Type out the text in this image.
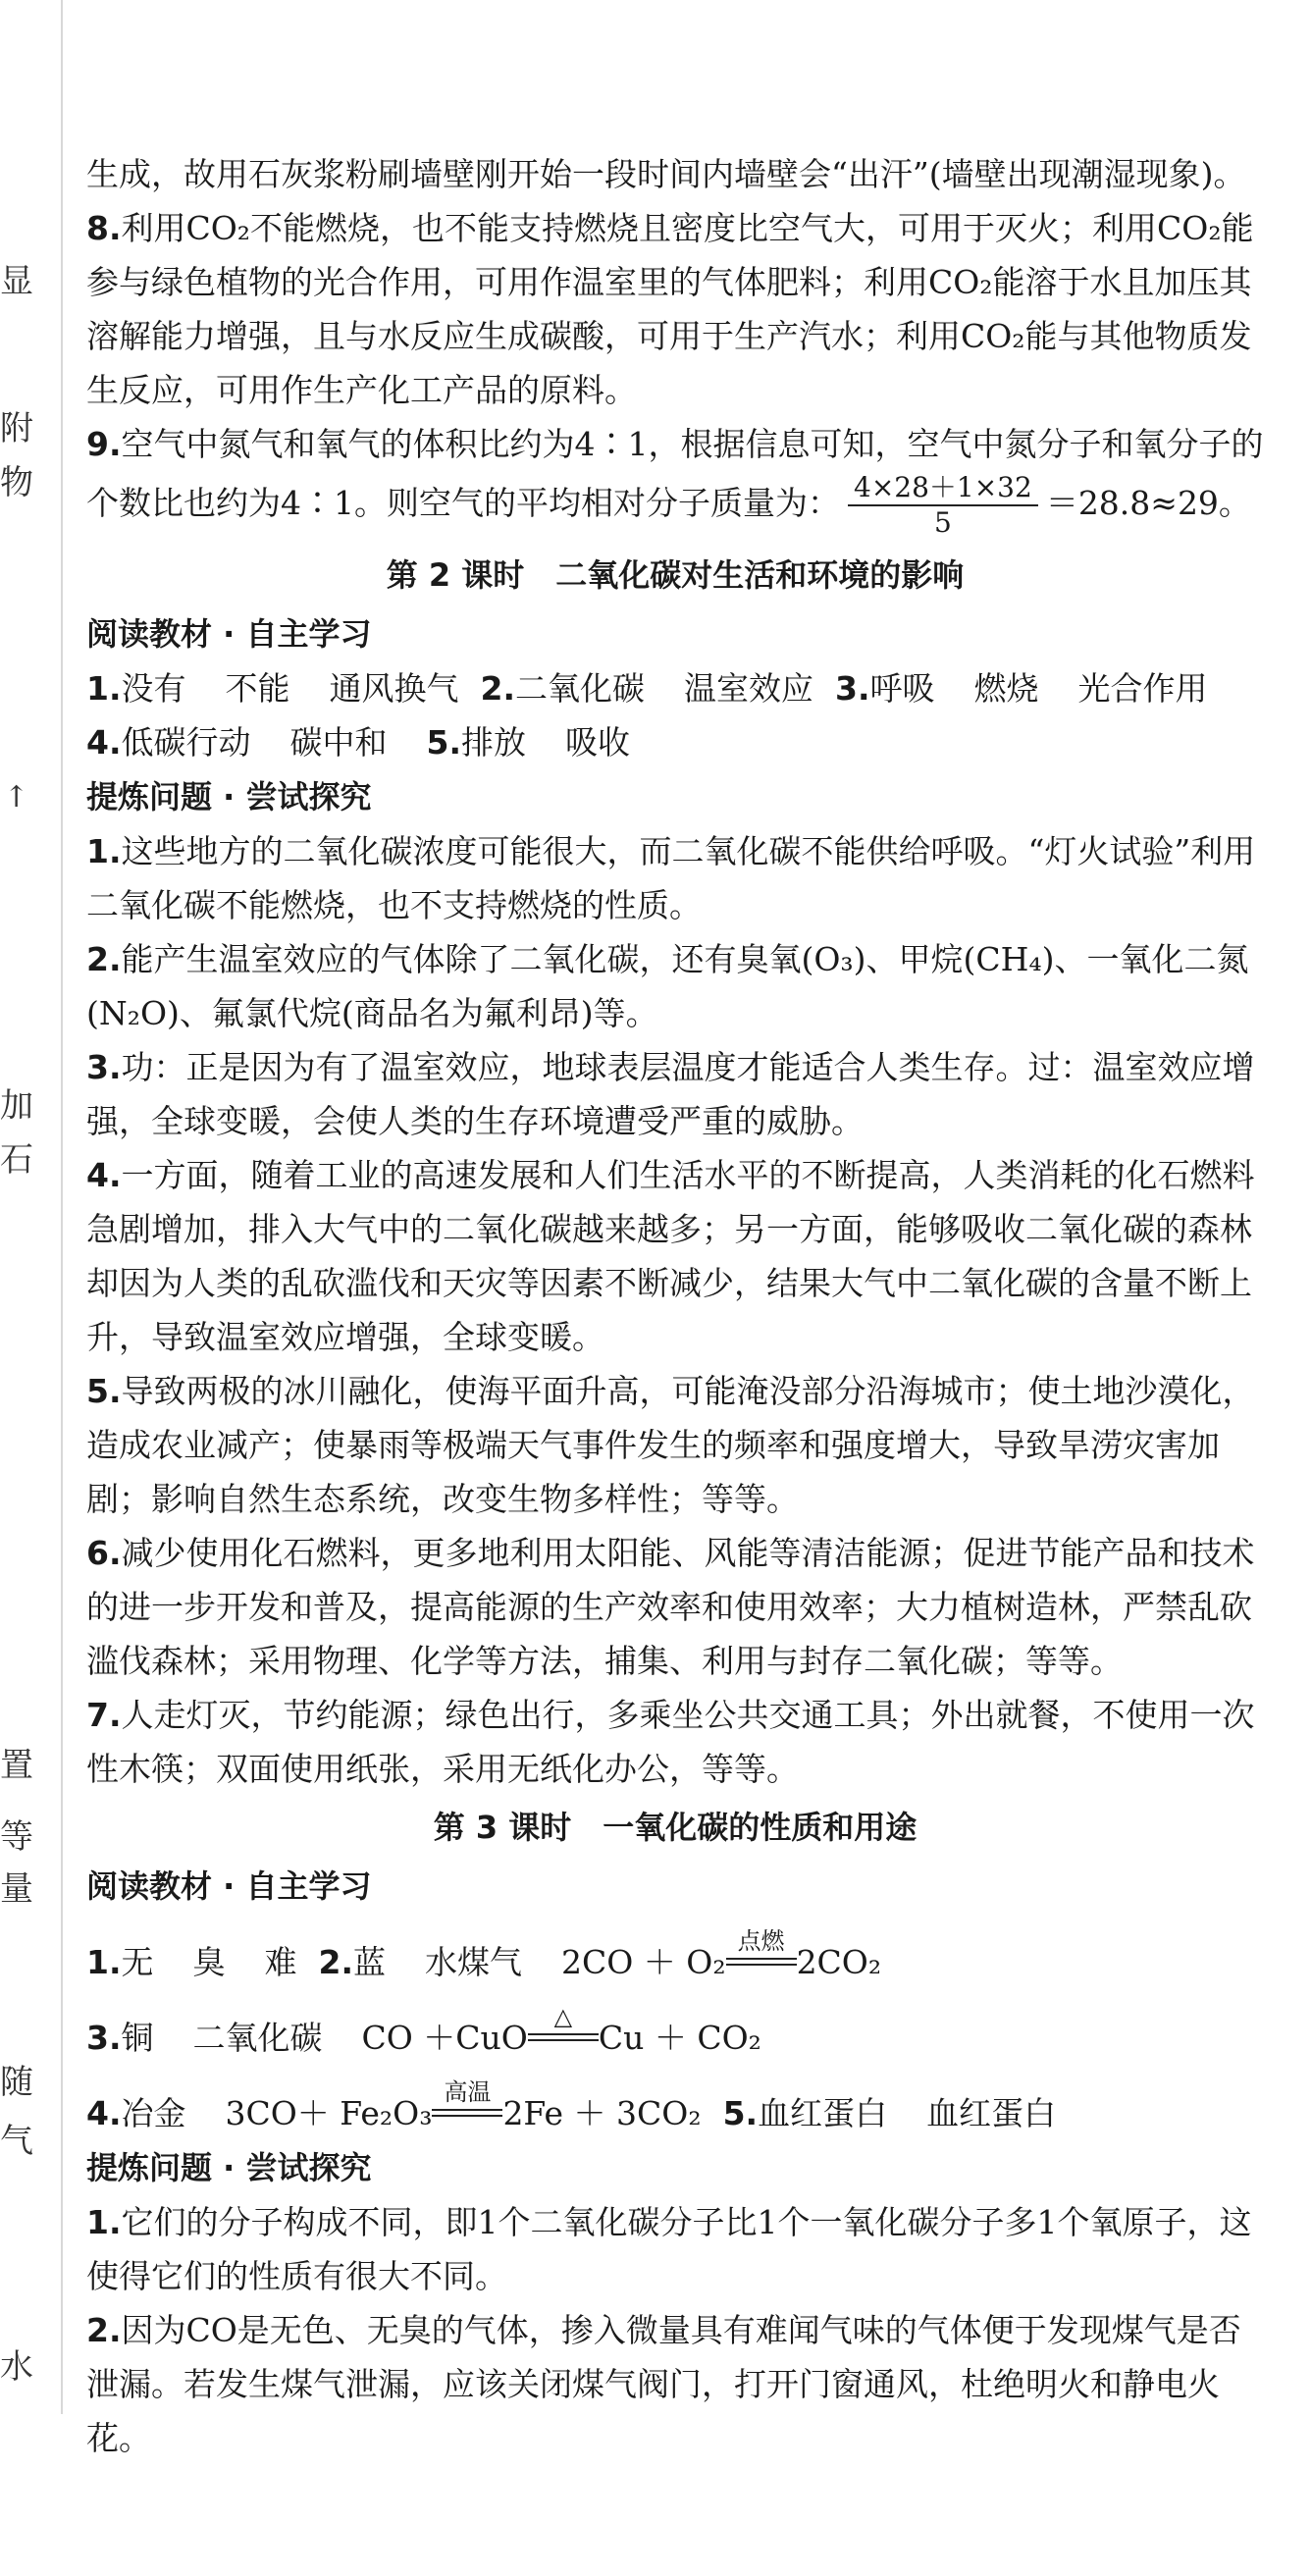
显
附
物
↑
加
石
置
等
量
随
气
水

生成，故用石灰浆粉刷墙壁刚开始一段时间内墙壁会“出汗”(墙壁出现潮湿现象)。

8.利用CO₂不能燃烧，也不能支持燃烧且密度比空气大，可用于灭火；利用CO₂能参与绿色植物的光合作用，可用作温室里的气体肥料；利用CO₂能溶于水且加压其溶解能力增强，且与水反应生成碳酸，可用于生产汽水；利用CO₂能与其他物质发生反应，可用作生产化工产品的原料。

9.空气中氮气和氧气的体积比约为4∶1，根据信息可知，空气中氮分子和氧分子的个数比也约为4∶1。则空气的平均相对分子质量为： $\frac{4\times 28+1\times 32}{5} =28.8\approx 29$。

第 2 课时　二氧化碳对生活和环境的影响

阅读教材 · 自主学习

1.没有 不能 通风换气 2.二氧化碳 温室效应 3.呼吸 燃烧 光合作用

4.低碳行动 碳中和 5.排放 吸收

提炼问题 · 尝试探究

1.这些地方的二氧化碳浓度可能很大，而二氧化碳不能供给呼吸。“灯火试验”利用二氧化碳不能燃烧，也不支持燃烧的性质。

2.能产生温室效应的气体除了二氧化碳，还有臭氧(O₃)、甲烷(CH₄)、一氧化二氮(N₂O)、氟氯代烷(商品名为氟利昂)等。

3.功：正是因为有了温室效应，地球表层温度才能适合人类生存。过：温室效应增强，全球变暖，会使人类的生存环境遭受严重的威胁。

4.一方面，随着工业的高速发展和人们生活水平的不断提高，人类消耗的化石燃料急剧增加，排入大气中的二氧化碳越来越多；另一方面，能够吸收二氧化碳的森林却因为人类的乱砍滥伐和天灾等因素不断减少，结果大气中二氧化碳的含量不断上升，导致温室效应增强，全球变暖。

5.导致两极的冰川融化，使海平面升高，可能淹没部分沿海城市；使土地沙漠化，造成农业减产；使暴雨等极端天气事件发生的频率和强度增大，导致旱涝灾害加剧；影响自然生态系统，改变生物多样性；等等。

6.减少使用化石燃料，更多地利用太阳能、风能等清洁能源；促进节能产品和技术的进一步开发和普及，提高能源的生产效率和使用效率；大力植树造林，严禁乱砍滥伐森林；采用物理、化学等方法，捕集、利用与封存二氧化碳；等等。

7.人走灯灭，节约能源；绿色出行，多乘坐公共交通工具；外出就餐，不使用一次性木筷；双面使用纸张，采用无纸化办公，等等。

第 3 课时　一氧化碳的性质和用途

阅读教材 · 自主学习

1.无 臭 难 2.蓝 水煤气 2CO ＋ O₂
点燃
2CO₂

3.铜 二氧化碳 CO ＋CuO
△
Cu ＋ CO₂

4.冶金 3CO＋ Fe₂O₃
高温
2Fe ＋ 3CO₂ 5.血红蛋白 血红蛋白

提炼问题 · 尝试探究

1.它们的分子构成不同，即1个二氧化碳分子比1个一氧化碳分子多1个氧原子，这使得它们的性质有很大不同。

2.因为CO是无色、无臭的气体，掺入微量具有难闻气味的气体便于发现煤气是否泄漏。若发生煤气泄漏，应该关闭煤气阀门，打开门窗通风，杜绝明火和静电火花。
